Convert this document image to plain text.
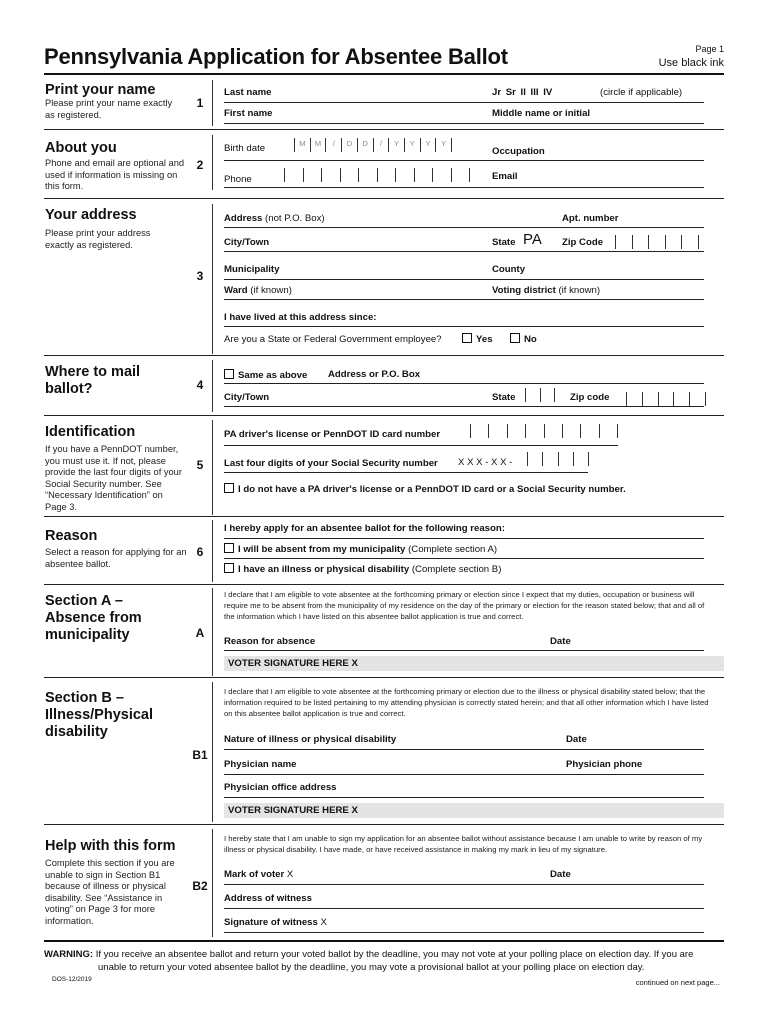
Pennsylvania Application for Absentee Ballot	Page 1
Use black ink
Print your name
Please print your name exactly as registered.
1
Last name	Jr Sr II III IV	(circle if applicable)
First name	Middle name or initial
About you
Phone and email are optional and used if information is missing on this form.
2
Birth date	M	M	/	D	D	/	Y	Y	Y	Y
Occupation
Phone	Email
Your address
Please print your address exactly as registered.
3
Address (not P.O. Box)	Apt. number
City/Town	State PA Zip Code
Municipality	County
Ward (if known)	Voting district (if known)
I have lived at this address since:
Are you a State or Federal Government employee?	Yes	No
Where to mail ballot?	4
Same as above Address or P.O. Box
City/Town	State	Zip code
Identification
If you have a PennDOT number, you must use it. If not, please provide the last four digits of your Social Security number. See “Necessary Identification” on Page 3.
5
PA driver's license or PennDOT ID card number
Last four digits of your Social Security number X X X - X X -
I do not have a PA driver's license or a PennDOT ID card or a Social Security number.
Reason
Select a reason for applying for an absentee ballot.
6
I hereby apply for an absentee ballot for the following reason:
I will be absent from my municipality (Complete section A)
I have an illness or physical disability (Complete section B)
Section A – Absence from municipality	A
I declare that I am eligible to vote absentee at the forthcoming primary or election since I expect that my duties, occupation or business will require me to be absent from the municipality of my residence on the day of the primary or election for the reason stated below; that and all of the information which I have listed on this absentee ballot application is true and correct.
Reason for absence	Date
VOTER SIGNATURE HERE X
Section B – Illness/Physical disability
B1
I declare that I am eligible to vote absentee at the forthcoming primary or election due to the illness or physical disability stated below; that the information required to be listed pertaining to my attending physician is correctly stated herein; and that all other information which I have listed on this absentee ballot application is true and correct.
Nature of illness or physical disability	Date
Physician name	Physician phone
Physician office address
VOTER SIGNATURE HERE X
Help with this form
Complete this section if you are unable to sign in Section B1 because of illness or physical disability. See “Assistance in voting” on Page 3 for more information.
B2
I hereby state that I am unable to sign my application for an absentee ballot without assistance because I am unable to write by reason of my illness or physical disability. I have made, or have received assistance in making my mark in lieu of my signature.
Mark of voter X	Date
Address of witness
Signature of witness X
WARNING: If you receive an absentee ballot and return your voted ballot by the deadline, you may not vote at your polling place on election day. If you are
unable to return your voted absentee ballot by the deadline, you may vote a provisional ballot at your polling place on election day.
DOS-12/2019	continued on next page...
